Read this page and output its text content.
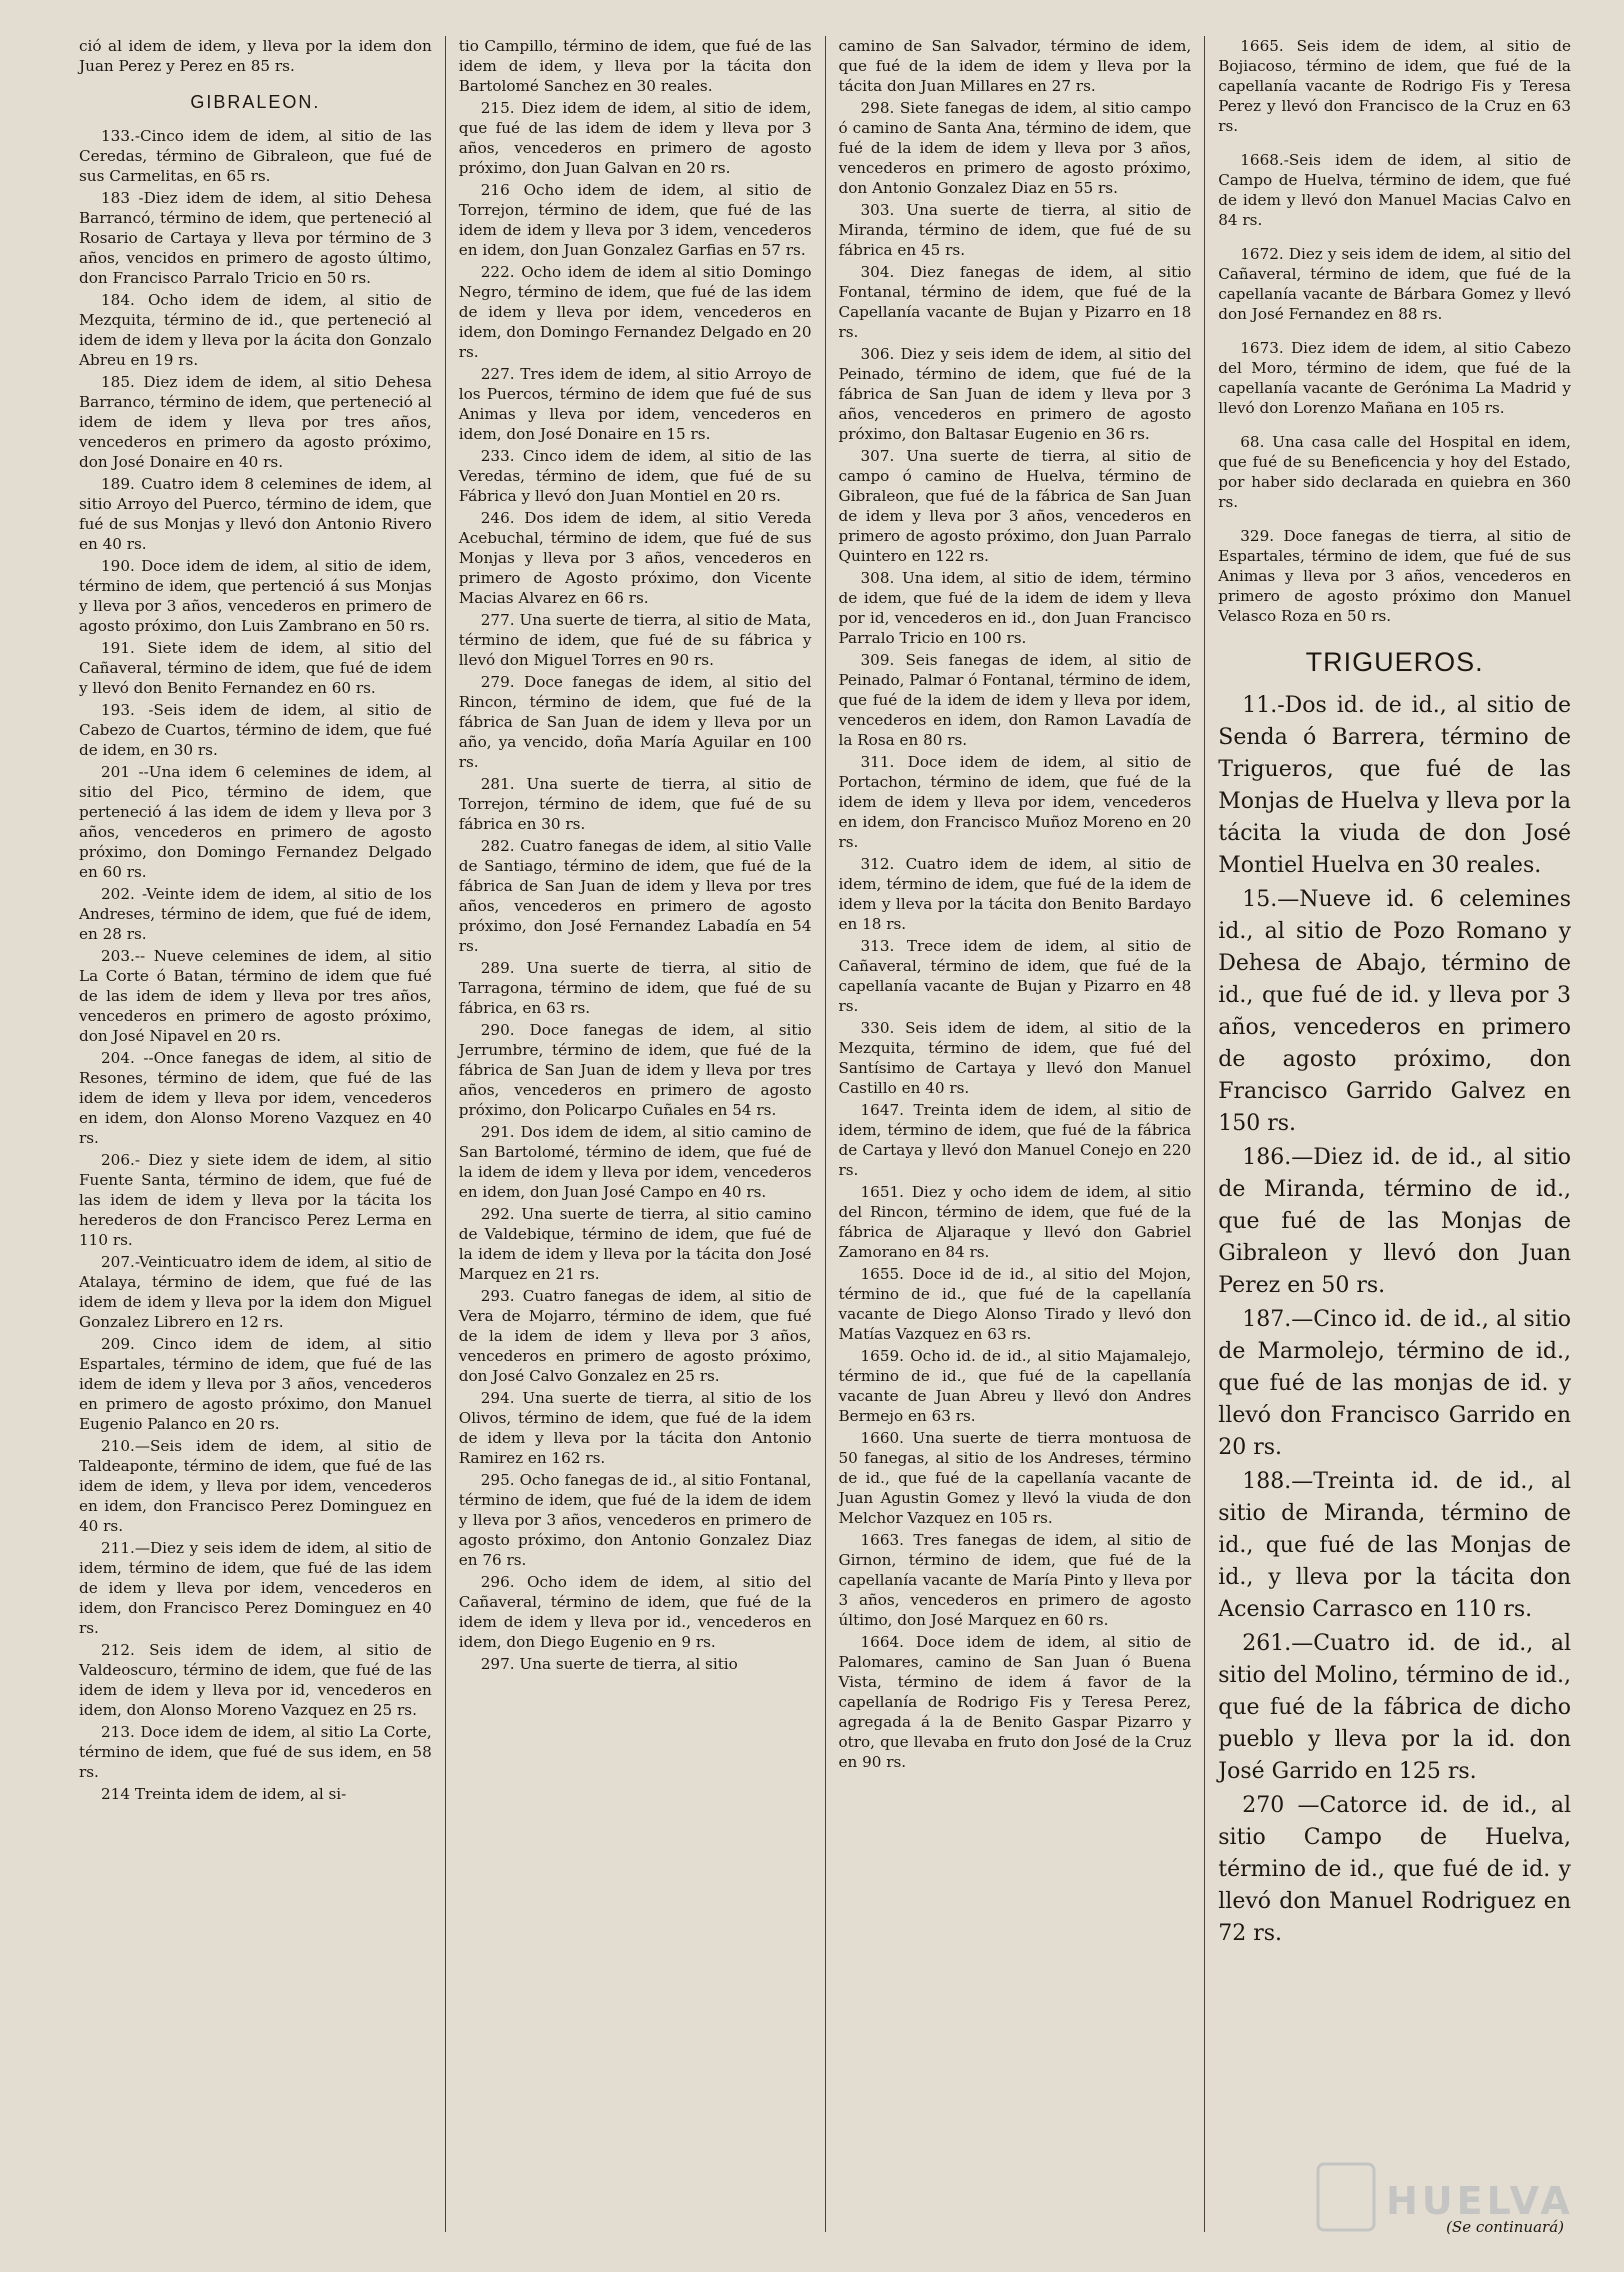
ció al idem de idem, y lleva por la idem don Juan Perez y Perez en 85 rs.

GIBRALEON.

133.-Cinco idem de idem, al sitio de las Ceredas, término de Gibraleon, que fué de sus Carmelitas, en 65 rs.

183 -Diez idem de idem, al sitio Dehesa Barrancó, término de idem, que perteneció al Rosario de Cartaya y lleva por término de 3 años, vencidos en primero de agosto último, don Francisco Parralo Tricio en 50 rs.

184. Ocho idem de idem, al sitio de Mezquita, término de id., que perteneció al idem de idem y lleva por la ácita don Gonzalo Abreu en 19 rs.

185. Diez idem de idem, al sitio Dehesa Barranco, término de idem, que perteneció al idem de idem y lleva por tres años, vencederos en primero da agosto próximo, don José Donaire en 40 rs.

189. Cuatro idem 8 celemines de idem, al sitio Arroyo del Puerco, término de idem, que fué de sus Monjas y llevó don Antonio Rivero en 40 rs.

190. Doce idem de idem, al sitio de idem, término de idem, que pertenció á sus Monjas y lleva por 3 años, vencederos en primero de agosto próximo, don Luis Zambrano en 50 rs.

191. Siete idem de idem, al sitio del Cañaveral, término de idem, que fué de idem y llevó don Benito Fernandez en 60 rs.

193. -Seis idem de idem, al sitio de Cabezo de Cuartos, término de idem, que fué de idem, en 30 rs.

201 --Una idem 6 celemines de idem, al sitio del Pico, término de idem, que perteneció á las idem de idem y lleva por 3 años, venceder​os en primero de agosto próximo, don Domingo Fernandez Delgado en 60 rs.

202. -Veinte idem de idem, al sitio de los Andreses, término de idem, que fué de idem, en 28 rs.

203.-- Nueve celemines de idem, al sitio La Corte ó Batan, término de idem que fué de las idem de idem y lleva por tres años, vencederos en primero de agosto próximo, don José Nipavel en 20 rs.

204. --Once fanegas de idem, al sitio de Resones, término de idem, que fué de las idem de idem y lleva por idem, vencederos en idem, don Alonso Moreno Vazquez en 40 rs.

206.- Diez y siete idem de idem, al sitio Fuente Santa, término de idem, que fué de las idem de idem y lleva por la tácita los herederos de don Francisco Perez Lerma en 110 rs.

207.-Veinticuatro idem de idem, al sitio de Atalaya, término de idem, que fué de las idem de idem y lleva por la idem don Miguel Gonzalez Librero en 12 rs.

209. Cinco idem de idem, al sitio Espartales, término de idem, que fué de las idem de idem y lleva por 3 años, vencederos en primero de agosto próximo, don Manuel Eugenio Palanco en 20 rs.

210.—Seis idem de idem, al sitio de Taldeaponte, término de idem, que fué de las idem de idem, y lleva por idem, vencederos en idem, don Francisco Perez Dominguez en 40 rs.

211.—Diez y seis idem de idem, al sitio de idem, término de idem, que fué de las idem de idem y lleva por idem, vencederos en idem, don Francisco Perez Dominguez en 40 rs.

212. Seis idem de idem, al sitio de Valdeoscuro, término de idem, que fué de las idem de idem y lleva por id, vencederos en idem, don Alonso Moreno Vazquez en 25 rs.

213. Doce idem de idem, al sitio La Corte, término de idem, que fué de sus idem, en 58 rs.

214 Treinta idem de idem, al si-

tio Campillo, término de idem, que fué de las idem de idem, y lleva por la tácita don Bartolomé Sanchez en 30 reales.

215. Diez idem de idem, al sitio de idem, que fué de las idem de idem y lleva por 3 años, vencederos en primero de agosto próximo, don Juan Galvan en 20 rs.

216 Ocho idem de idem, al sitio de Torrejon, término de idem, que fué de las idem de idem y lleva por 3 idem, vencederos en idem, don Juan Gonzalez Garfias en 57 rs.

222. Ocho idem de idem al sitio Domingo Negro, término de idem, que fué de las idem de idem y lleva por idem, vencederos en idem, don Domingo Fernandez Delgado en 20 rs.

227. Tres idem de idem, al sitio Arroyo de los Puercos, término de idem que fué de sus Animas y lleva por idem, vencederos en idem, don José Donaire en 15 rs.

233. Cinco idem de idem, al sitio de las Veredas, término de idem, que fué de su Fábrica y llevó don Juan Montiel en 20 rs.

246. Dos idem de idem, al sitio Vereda Acebuchal, término de idem, que fué de sus Monjas y lleva por 3 años, vencederos en primero de Agosto próximo, don Vicente Macias Alvarez en 66 rs.

277. Una suerte de tierra, al sitio de Mata, término de idem, que fué de su fábrica y llevó don Miguel Torres en 90 rs.

279. Doce fanegas de idem, al sitio del Rincon, término de idem, que fué de la fábrica de San Juan de idem y lleva por un año, ya vencido, doña María Aguilar en 100 rs.

281. Una suerte de tierra, al sitio de Torrejon, término de idem, que fué de su fábrica en 30 rs.

282. Cuatro fanegas de idem, al sitio Valle de Santiago, término de idem, que fué de la fábrica de San Juan de idem y lleva por tres años, vencederos en primero de agosto próximo, don José Fernandez Labadía en 54 rs.

289. Una suerte de tierra, al sitio de Tarragona, término de idem, que fué de su fábrica, en 63 rs.

290. Doce fanegas de idem, al sitio Jerrumbre, término de idem, que fué de la fábrica de San Juan de idem y lleva por tres años, vencederos en primero de agosto próximo, don Policarpo Cuñales en 54 rs.

291. Dos idem de idem, al sitio camino de San Bartolomé, término de idem, que fué de la idem de idem y lleva por idem, vencederos en idem, don Juan José Campo en 40 rs.

292. Una suerte de tierra, al sitio camino de Valdebique, término de idem, que fué de la idem de idem y lleva por la tácita don José Marquez en 21 rs.

293. Cuatro fanegas de idem, al sitio de Vera de Mojarro, término de idem, que fué de la idem de idem y lleva por 3 años, vencederos en primero de agosto próximo, don José Calvo Gonzalez en 25 rs.

294. Una suerte de tierra, al sitio de los Olivos, término de idem, que fué de la idem de idem y lleva por la tácita don Antonio Ramirez en 162 rs.

295. Ocho fanegas de id., al sitio Fontanal, término de idem, que fué de la idem de idem y lleva por 3 años, vencederos en primero de agosto próximo, don Antonio Gonzalez Diaz en 76 rs.

296. Ocho idem de idem, al sitio del Cañaveral, término de idem, que fué de la idem de idem y lleva por id., vencederos en idem, don Diego Eugenio en 9 rs.

297. Una suerte de tierra, al sitio

camino de San Salvador, término de idem, que fué de la idem de idem y lleva por la tácita don Juan Millares en 27 rs.

298. Siete fanegas de idem, al sitio campo ó camino de Santa Ana, término de idem, que fué de la idem de idem y lleva por 3 años, vencederos en primero de agosto próximo, don Antonio Gonzalez Diaz en 55 rs.

303. Una suerte de tierra, al sitio de Miranda, término de idem, que fué de su fábrica en 45 rs.

304. Diez fanegas de idem, al sitio Fontanal, término de idem, que fué de la Capellanía vacante de Bujan y Pizarro en 18 rs.

306. Diez y seis idem de idem, al sitio del Peinado, término de idem, que fué de la fábrica de San Juan de idem y lleva por 3 años, vencederos en primero de agosto próximo, don Baltasar Eugenio en 36 rs.

307. Una suerte de tierra, al sitio de campo ó camino de Huelva, término de Gibraleon, que fué de la fábrica de San Juan de idem y lleva por 3 años, vencederos en primero de agosto próximo, don Juan Parralo Quintero en 122 rs.

308. Una idem, al sitio de idem, término de idem, que fué de la idem de idem y lleva por id, vencederos en id., don Juan Francisco Parralo Tricio en 100 rs.

309. Seis fanegas de idem, al sitio de Peinado, Palmar ó Fontanal, término de idem, que fué de la idem de idem y lleva por idem, vencederos en idem, don Ramon Lavadía de la Rosa en 80 rs.

311. Doce idem de idem, al sitio de Portachon, término de idem, que fué de la idem de idem y lleva por idem, vencederos en idem, don Francisco Muñoz Moreno en 20 rs.

312. Cuatro idem de idem, al sitio de idem, término de idem, que fué de la idem de idem y lleva por la tácita don Benito Bardayo en 18 rs.

313. Trece idem de idem, al sitio de Cañaveral, término de idem, que fué de la capellanía vacante de Bujan y Pizarro en 48 rs.

330. Seis idem de idem, al sitio de la Mezquita, término de idem, que fué del Santísimo de Cartaya y llevó don Manuel Castillo en 40 rs.

1647. Treinta idem de idem, al sitio de idem, término de idem, que fué de la fábrica de Cartaya y llevó don Manuel Conejo en 220 rs.

1651. Diez y ocho idem de idem, al sitio del Rincon, término de idem, que fué de la fábrica de Aljaraque y llevó don Gabriel Zamorano en 84 rs.

1655. Doce id de id., al sitio del Mojon, término de id., que fué de la capellanía vacante de Diego Alonso Tirado y llevó don Matías Vazquez en 63 rs.

1659. Ocho id. de id., al sitio Majamalejo, término de id., que fué de la capellanía vacante de Juan Abreu y llevó don Andres Bermejo en 63 rs.

1660. Una suerte de tierra montuosa de 50 fanegas, al sitio de los Andreses, término de id., que fué de la capellanía vacante de Juan Agustin Gomez y llevó la viuda de don Melchor Vazquez en 105 rs.

1663. Tres fanegas de idem, al sitio de Girnon, término de idem, que fué de la capellanía vacante de María Pinto y lleva por 3 años, vencederos en primero de agosto último, don José Marquez en 60 rs.

1664. Doce idem de idem, al sitio de Palomares, camino de San Juan ó Buena Vista, término de idem á favor de la capellanía de Rodrigo Fis y Teresa Perez, agregada á la de Benito Gaspar Pizarro y otro, que llevaba en fruto don José de la Cruz en 90 rs.

1665. Seis idem de idem, al sitio de Bojiacoso, término de idem, que fué de la capellanía vacante de Rodrigo Fis y Teresa Perez y llevó don Francisco de la Cruz en 63 rs.

1668.-Seis idem de idem, al sitio de Campo de Huelva, término de idem, que fué de idem y llevó don Manuel Macias Calvo en 84 rs.

1672. Diez y seis idem de idem, al sitio del Cañaveral, término de idem, que fué de la capellanía vacante de Bárbara Gomez y llevó don José Fernandez en 88 rs.

1673. Diez idem de idem, al sitio Cabezo del Moro, término de idem, que fué de la capellanía vacante de Gerónima La Madrid y llevó don Lorenzo Mañana en 105 rs.

68. Una casa calle del Hospital en idem, que fué de su Beneficencia y hoy del Estado, por haber sido declarada en quiebra en 360 rs.

329. Doce fanegas de tierra, al sitio de Espartales, término de idem, que fué de sus Animas y lleva por 3 años, vencederos en primero de agosto próximo don Manuel Velasco Roza en 50 rs.

TRIGUEROS.

11.-Dos id. de id., al sitio de Senda ó Barrera, término de Trigueros, que fué de las Monjas de Huelva y lleva por la tácita la viuda de don José Montiel Huelva en 30 reales.

15.—Nueve id. 6 celemines id., al sitio de Pozo Romano y Dehesa de Abajo, término de id., que fué de id. y lleva por 3 años, vencederos en primero de agosto próximo, don Francisco Garrido Galvez en 150 rs.

186.—Diez id. de id., al sitio de Miranda, término de id., que fué de las Monjas de Gibraleon y llevó don Juan Perez en 50 rs.

187.—Cinco id. de id., al sitio de Marmolejo, término de id., que fué de las monjas de id. y llevó don Francisco Garrido en 20 rs.

188.—Treinta id. de id., al sitio de Miranda, término de id., que fué de las Monjas de id., y lleva por la tácita don Acensio Carrasco en 110 rs.

261.—Cuatro id. de id., al sitio del Molino, término de id., que fué de la fábrica de dicho pueblo y lleva por la id. don José Garrido en 125 rs.

270 —Catorce id. de id., al sitio Campo de Huelva, término de id., que fué de id. y llevó don Manuel Rodriguez en 72 rs.

HUELVA
(Se continuará)
